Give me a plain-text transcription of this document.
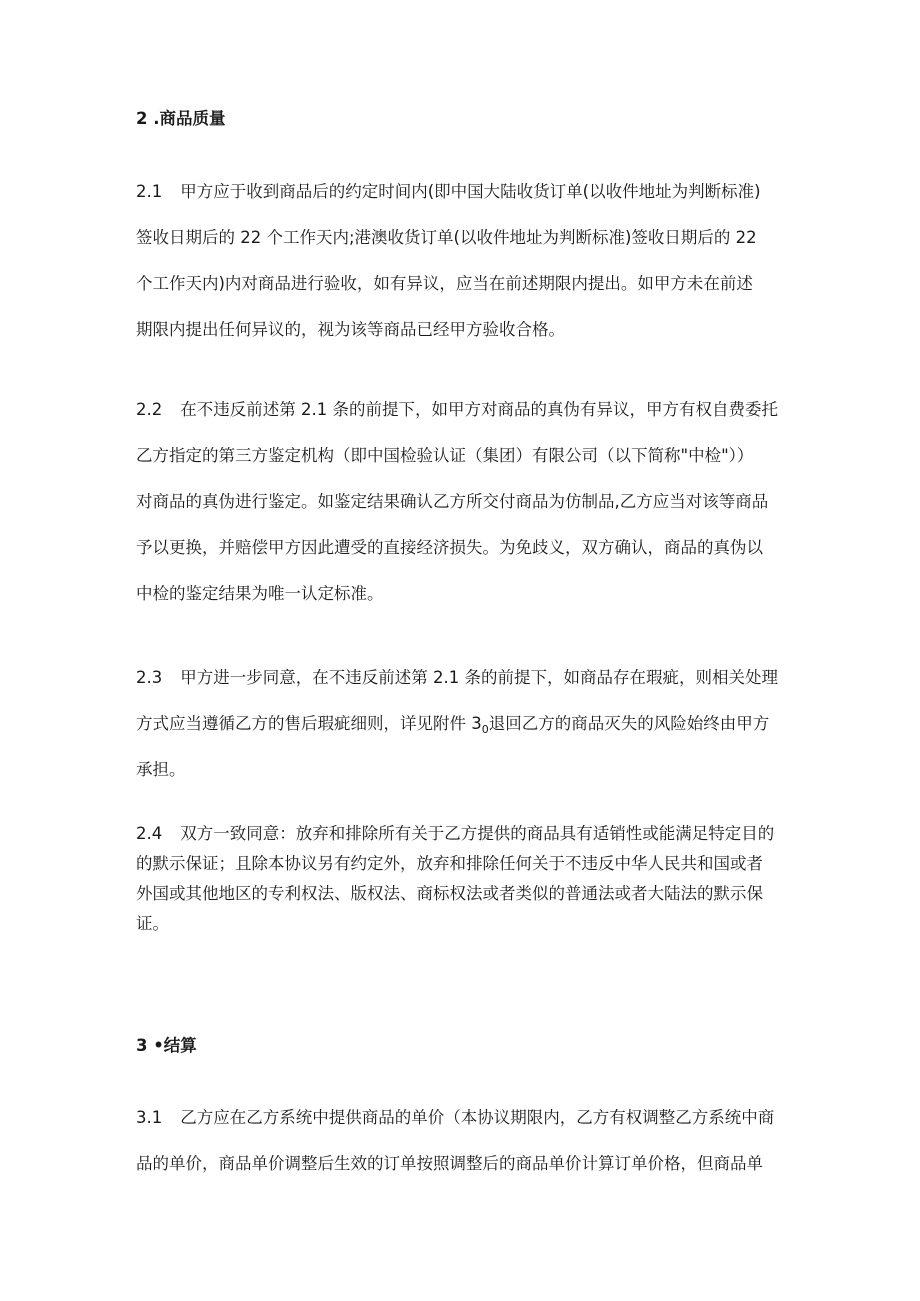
2 .商品质量
2.1 甲方应于收到商品后的约定时间内(即中国大陆收货订单(以收件地址为判断标准)
签收日期后的 22 个工作天内;港澳收货订单(以收件地址为判断标准)签收日期后的 22
个工作天内)内对商品进行验收，如有异议，应当在前述期限内提出。如甲方未在前述
期限内提出任何异议的，视为该等商品已经甲方验收合格。
2.2 在不违反前述第 2.1 条的前提下，如甲方对商品的真伪有异议，甲方有权自费委托
乙方指定的第三方鉴定机构（即中国检验认证（集团）有限公司（以下简称"中检"））
对商品的真伪进行鉴定。如鉴定结果确认乙方所交付商品为仿制品,乙方应当对该等商品
予以更换，并赔偿甲方因此遭受的直接经济损失。为免歧义，双方确认，商品的真伪以
中检的鉴定结果为唯一认定标准。
2.3 甲方进一步同意，在不违反前述第 2.1 条的前提下，如商品存在瑕疵，则相关处理
方式应当遵循乙方的售后瑕疵细则，详见附件 $3_0$退回乙方的商品灭失的风险始终由甲方
承担。
2.4 双方一致同意：放弃和排除所有关于乙方提供的商品具有适销性或能满足特定目的
的默示保证；且除本协议另有约定外，放弃和排除任何关于不违反中华人民共和国或者
外国或其他地区的专利权法、版权法、商标权法或者类似的普通法或者大陆法的默示保
证。
3 •结算
3.1 乙方应在乙方系统中提供商品的单价（本协议期限内，乙方有权调整乙方系统中商
品的单价，商品单价调整后生效的订单按照调整后的商品单价计算订单价格，但商品单
